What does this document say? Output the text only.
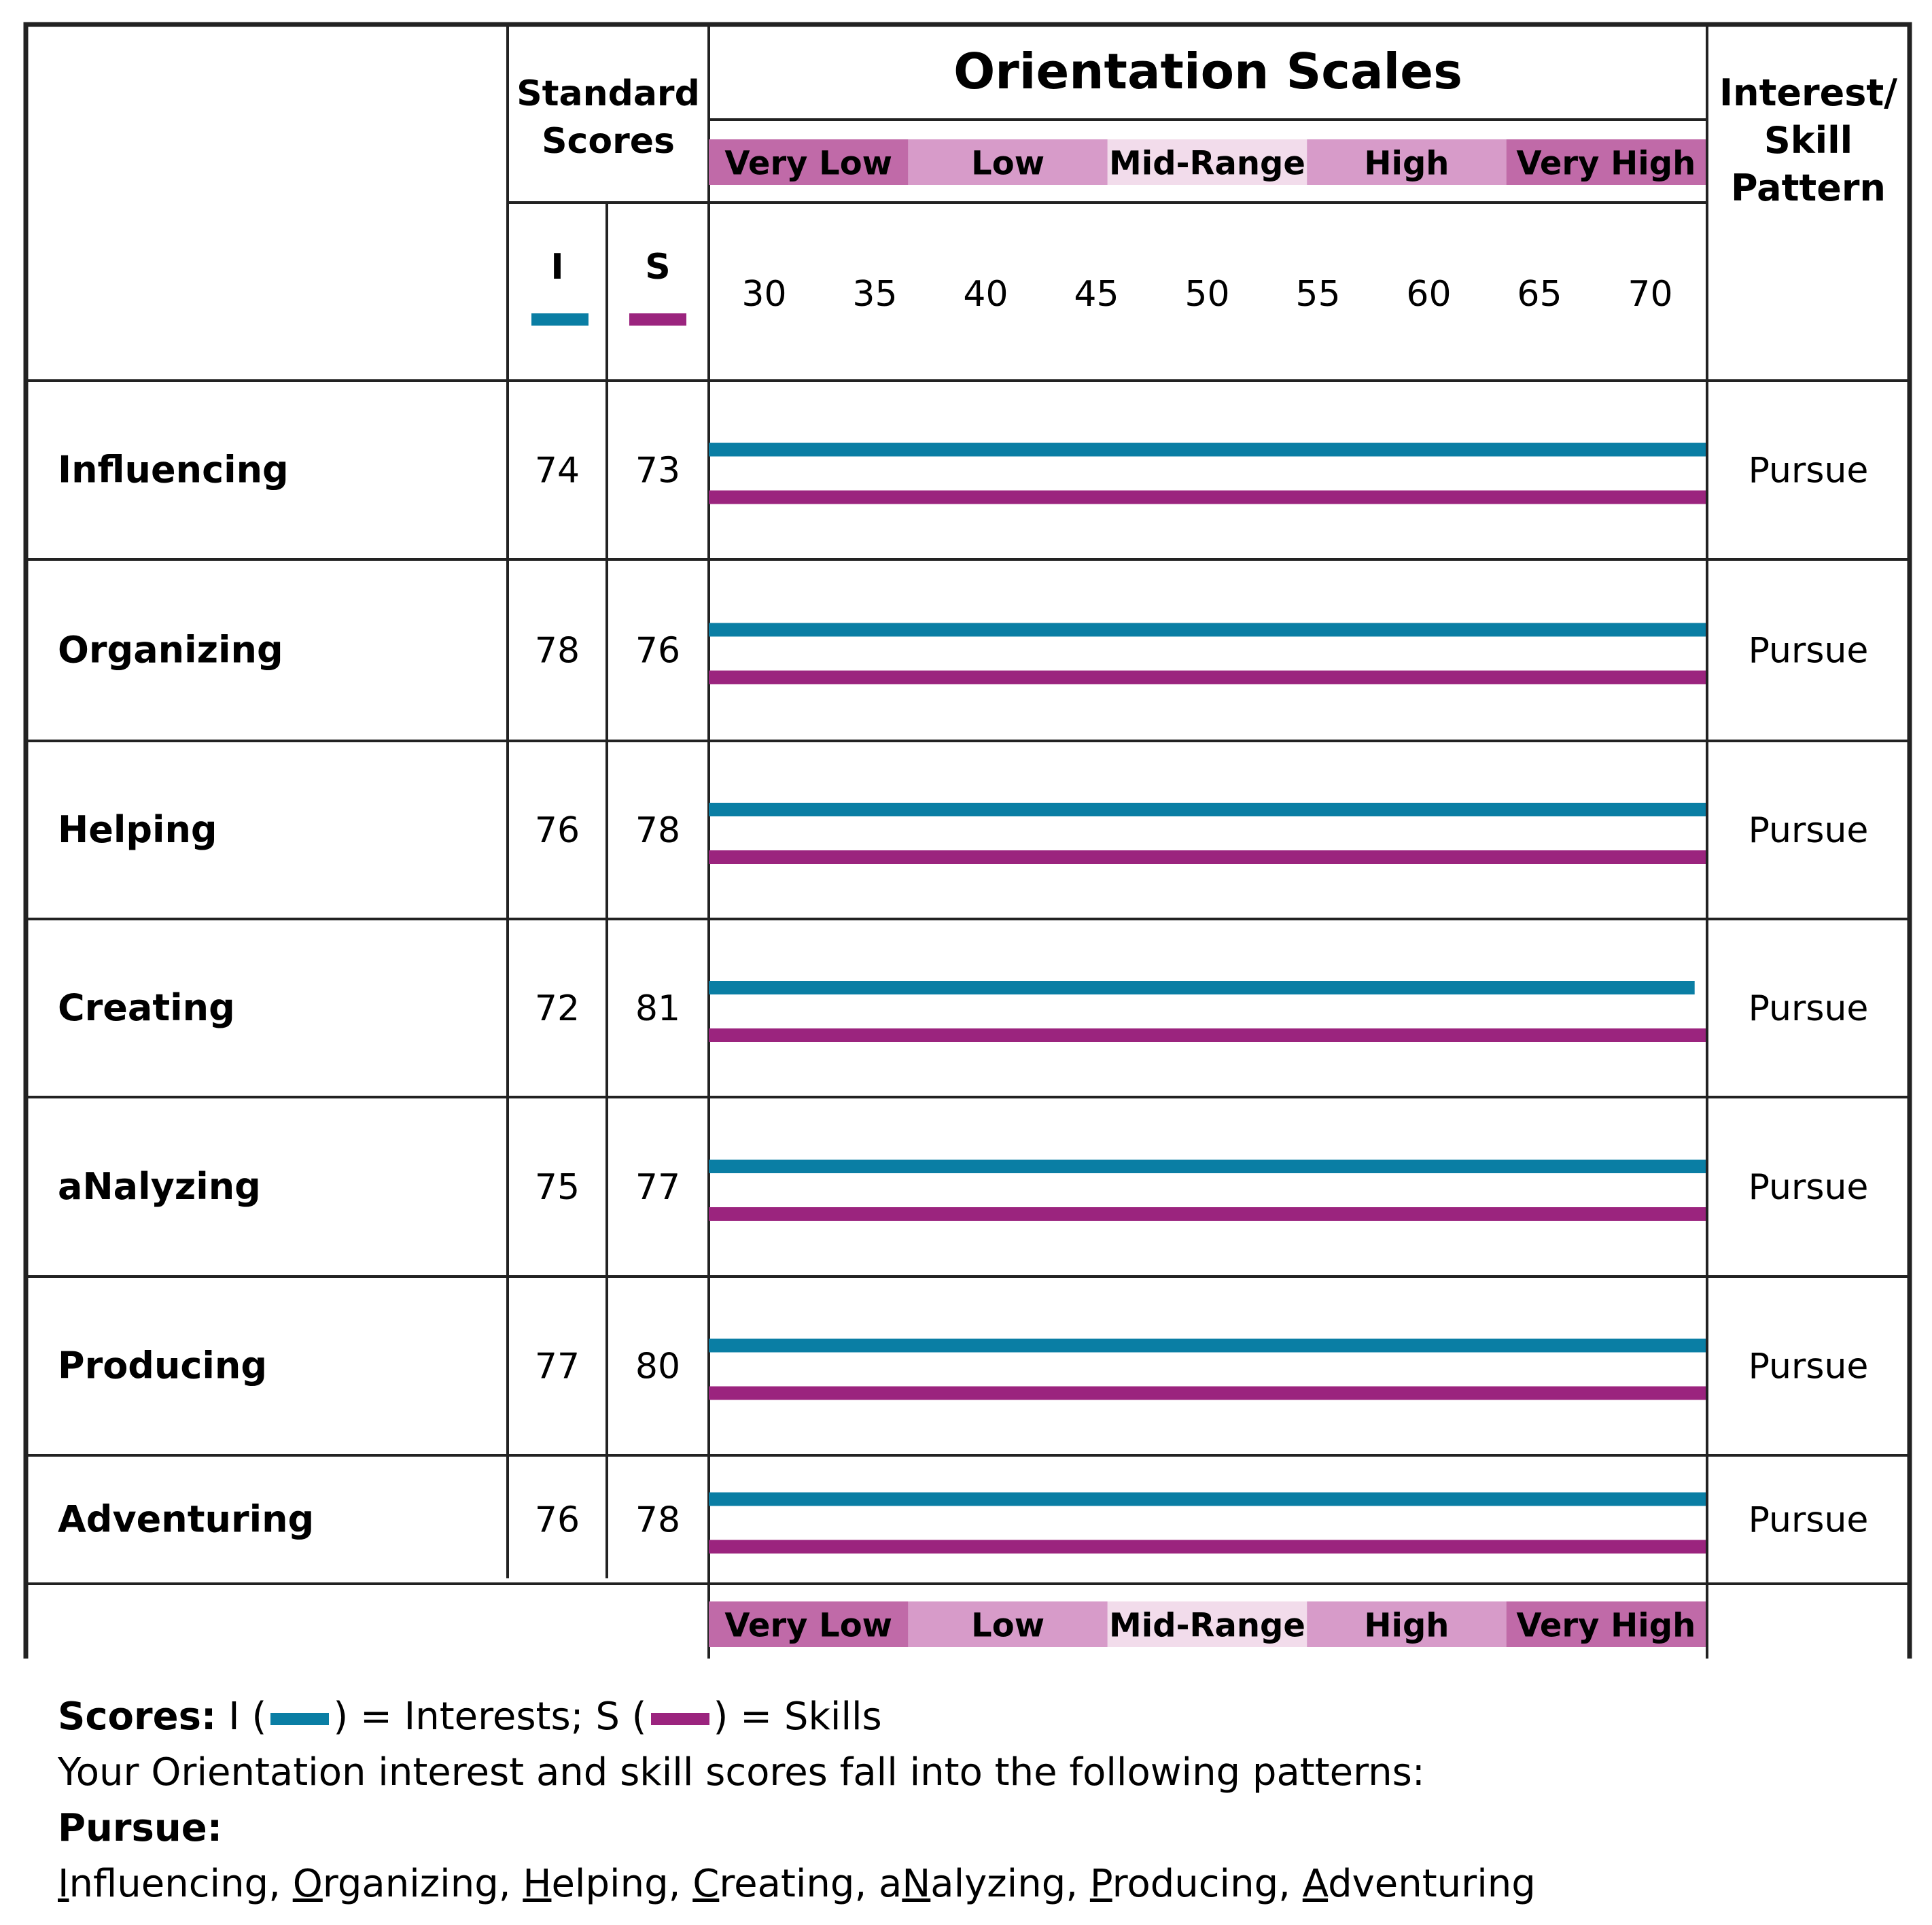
Standard
Scores
Orientation Scales	Interest/
Skill
Pattern
I S
Very Low Low Mid-Range High Very High
Very Low Low Mid-Range High Very High
30 35 40 45 50 55 60 65 70
Influencing	74 73	Pursue
Organizing	78 76	Pursue
Helping	76 78	Pursue
Creating	72 81	Pursue
aNalyzing	75 77	Pursue
Producing	77 80	Pursue
Adventuring	76 78	Pursue
Scores: I ( ) = Interests; S ( ) = Skills
Your Orientation interest and skill scores fall into the following patterns:
Pursue:
Influencing, Organizing, Helping, Creating, aNalyzing, Producing, Adventuring
